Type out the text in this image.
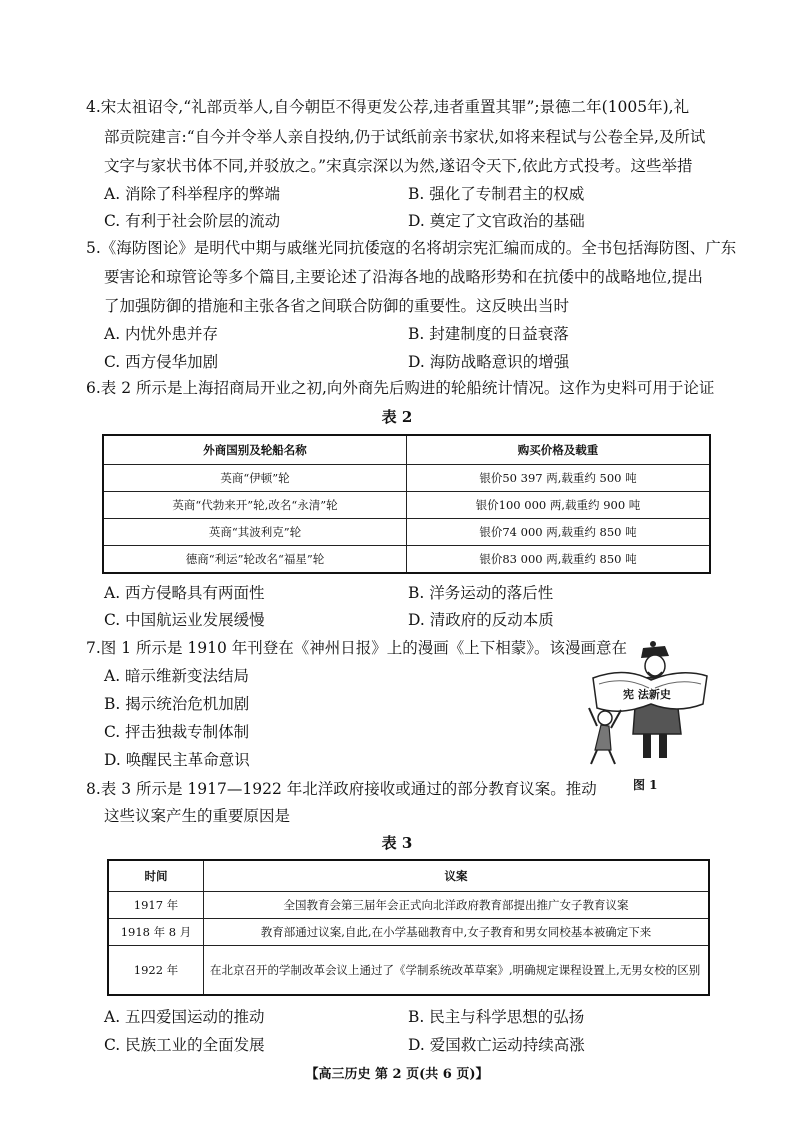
4.宋太祖诏令,“礼部贡举人,自今朝臣不得更发公荐,违者重置其罪”;景德二年(1005年),礼
部贡院建言:“自今并令举人亲自投纳,仍于试纸前亲书家状,如将来程试与公卷全异,及所试
文字与家状书体不同,并驳放之。”宋真宗深以为然,遂诏令天下,依此方式投考。这些举措
A. 消除了科举程序的弊端	B. 强化了专制君主的权威
C. 有利于社会阶层的流动	D. 奠定了文官政治的基础
5.《海防图论》是明代中期与戚继光同抗倭寇的名将胡宗宪汇编而成的。全书包括海防图、广东
要害论和琼管论等多个篇目,主要论述了沿海各地的战略形势和在抗倭中的战略地位,提出
了加强防御的措施和主张各省之间联合防御的重要性。这反映出当时
A. 内忧外患并存	B. 封建制度的日益衰落
C. 西方侵华加剧	D. 海防战略意识的增强
6.表 2 所示是上海招商局开业之初,向外商先后购进的轮船统计情况。这作为史料可用于论证
表 2
外商国别及轮船名称	购买价格及载重
英商“伊顿”轮	银价50 397 两,载重约 500 吨
英商“代勃来开”轮,改名“永清”轮	银价100 000 两,载重约 900 吨
英商“其波利克”轮	银价74 000 两,载重约 850 吨
德商“利运”轮改名“福星”轮	银价83 000 两,载重约 850 吨
A. 西方侵略具有两面性	B. 洋务运动的落后性
C. 中国航运业发展缓慢	D. 清政府的反动本质
7.图 1 所示是 1910 年刊登在《神州日报》上的漫画《上下相蒙》。该漫画意在
A. 暗示维新变法结局
B. 揭示统治危机加剧
C. 抨击独裁专制体制
D. 唤醒民主革命意识
宪 法新史
图 1
8.表 3 所示是 1917—1922 年北洋政府接收或通过的部分教育议案。推动
这些议案产生的重要原因是
表 3
时间	议案
1917 年	全国教育会第三届年会正式向北洋政府教育部提出推广女子教育议案
1918 年 8 月	教育部通过议案,自此,在小学基础教育中,女子教育和男女同校基本被确定下来
1922 年	在北京召开的学制改革会议上通过了《学制系统改革草案》,明确规定课程设置上,无男女校的区别
A. 五四爱国运动的推动	B. 民主与科学思想的弘扬
C. 民族工业的全面发展	D. 爱国救亡运动持续高涨
【高三历史 第 2 页(共 6 页)】
